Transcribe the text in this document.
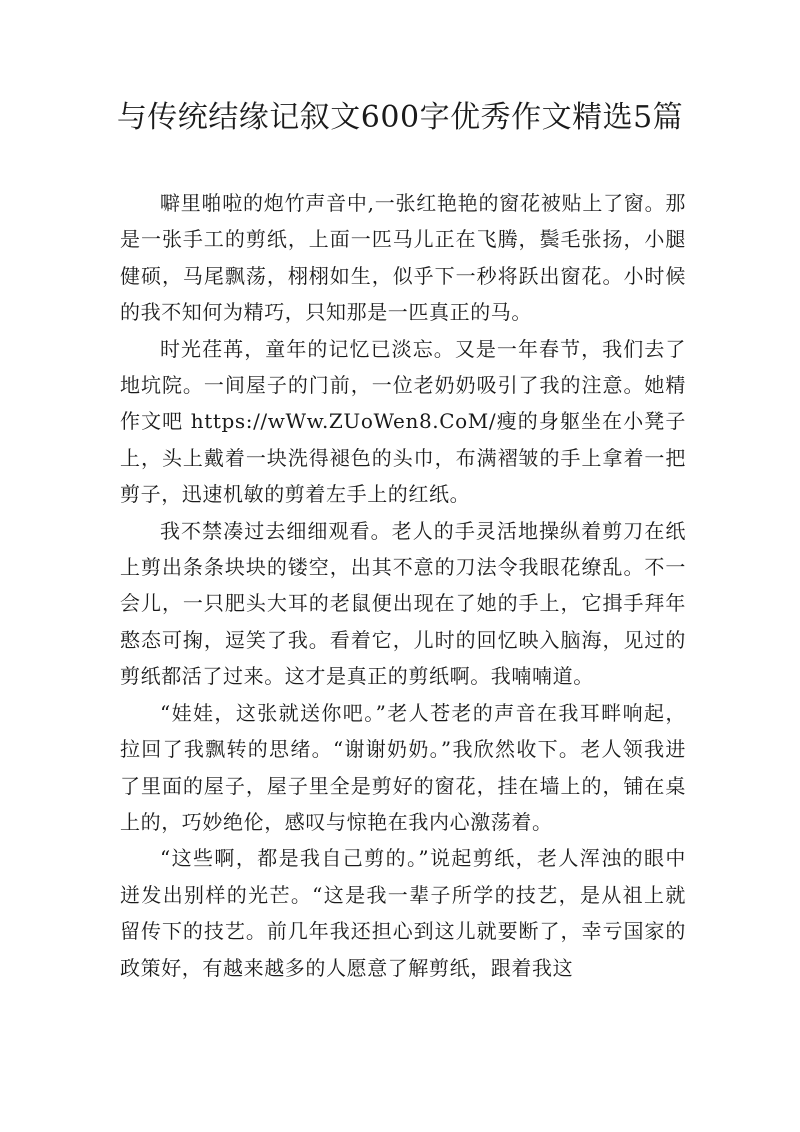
与传统结缘记叙文600字优秀作文精选5篇

噼里啪啦的炮竹声音中,一张红艳艳的窗花被贴上了窗。那是一张手工的剪纸，上面一匹马儿正在飞腾，鬓毛张扬，小腿健硕，马尾飘荡，栩栩如生，似乎下一秒将跃出窗花。小时候的我不知何为精巧，只知那是一匹真正的马。

时光荏苒，童年的记忆已淡忘。又是一年春节，我们去了地坑院。一间屋子的门前，一位老奶奶吸引了我的注意。她精作文吧 https://wWw.ZUoWen8.CoM/瘦的身躯坐在小凳子上，头上戴着一块洗得褪色的头巾，布满褶皱的手上拿着一把剪子，迅速机敏的剪着左手上的红纸。

我不禁凑过去细细观看。老人的手灵活地操纵着剪刀在纸上剪出条条块块的镂空，出其不意的刀法令我眼花缭乱。不一会儿，一只肥头大耳的老鼠便出现在了她的手上，它揖手拜年憨态可掬，逗笑了我。看着它，儿时的回忆映入脑海，见过的剪纸都活了过来。这才是真正的剪纸啊。我喃喃道。

“娃娃，这张就送你吧。”老人苍老的声音在我耳畔响起，拉回了我飘转的思绪。“谢谢奶奶。”我欣然收下。老人领我进了里面的屋子，屋子里全是剪好的窗花，挂在墙上的，铺在桌上的，巧妙绝伦，感叹与惊艳在我内心激荡着。

“这些啊，都是我自己剪的。”说起剪纸，老人浑浊的眼中迸发出别样的光芒。“这是我一辈子所学的技艺，是从祖上就留传下的技艺。前几年我还担心到这儿就要断了，幸亏国家的政策好，有越来越多的人愿意了解剪纸，跟着我这
